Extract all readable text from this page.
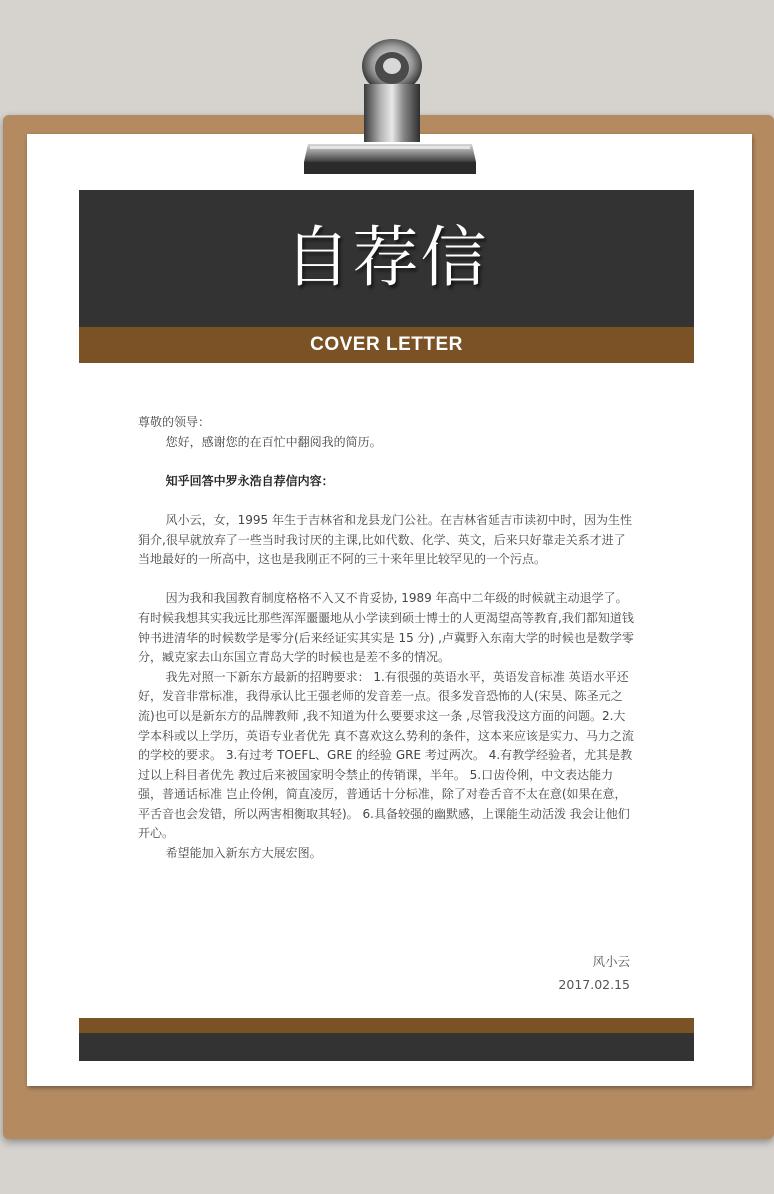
自荐信
COVER LETTER

尊敬的领导：

您好，感谢您的在百忙中翻阅我的简历。

知乎回答中罗永浩自荐信内容：

风小云，女，1995 年生于吉林省和龙县龙门公社。在吉林省延吉市读初中时，因为生性狷介,很早就放弃了一些当时我讨厌的主课,比如代数、化学、英文，后来只好靠走关系才进了当地最好的一所高中，这也是我刚正不阿的三十来年里比较罕见的一个污点。

因为我和我国教育制度格格不入又不肯妥协, 1989 年高中二年级的时候就主动退学了。有时候我想其实我远比那些浑浑噩噩地从小学读到硕士博士的人更渴望高等教育,我们都知道钱钟书进清华的时候数学是零分(后来经证实其实是 15 分) ,卢冀野入东南大学的时候也是数学零分，臧克家去山东国立青岛大学的时候也是差不多的情况。

我先对照一下新东方最新的招聘要求： 1.有很强的英语水平，英语发音标准 英语水平还好，发音非常标准，我得承认比王强老师的发音差一点。很多发音恐怖的人(宋昊、陈圣元之流)也可以是新东方的品牌教师 ,我不知道为什么要要求这一条 ,尽管我没这方面的问题。2.大学本科或以上学历，英语专业者优先 真不喜欢这么势利的条件，这本来应该是实力、马力之流的学校的要求。 3.有过考 TOEFL、GRE 的经验 GRE 考过两次。 4.有教学经验者，尤其是教过以上科目者优先 教过后来被国家明令禁止的传销课，半年。 5.口齿伶俐，中文表达能力强，普通话标准 岂止伶俐，简直凌厉，普通话十分标准，除了对卷舌音不太在意(如果在意，平舌音也会发错，所以两害相衡取其轻)。 6.具备较强的幽默感，上课能生动活泼 我会让他们开心。

希望能加入新东方大展宏图。

风小云
2017.02.15
